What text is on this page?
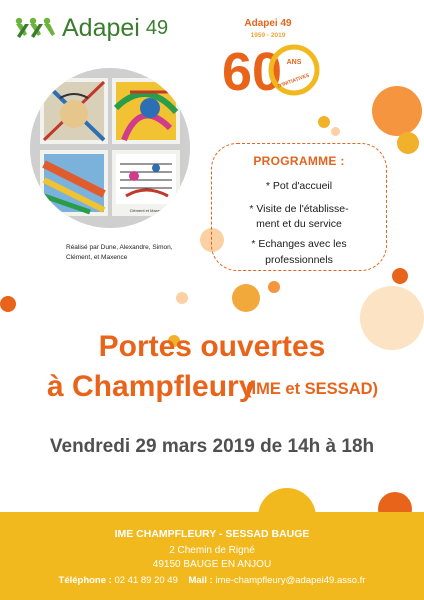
Adapei 49	Adapei 49
1959 - 2019
60 ANS
D'INITIATIVES
Clément et Maxence
Réalisé par Dune, Alexandre, Simon,
Clément, et Maxence
PROGRAMME :
* Pot d'accueil
* Visite de l'établisse-
ment et du service
* Echanges avec les
professionnels
Portes ouvertes
à Champfleury
(IME et SESSAD)
Vendredi 29 mars 2019 de 14h à 18h
IME CHAMPFLEURY - SESSAD BAUGE
2 Chemin de Rigné
49150 BAUGE EN ANJOU
Téléphone : 02 41 89 20 49 Mail : ime-champfleury@adapei49.asso.fr
